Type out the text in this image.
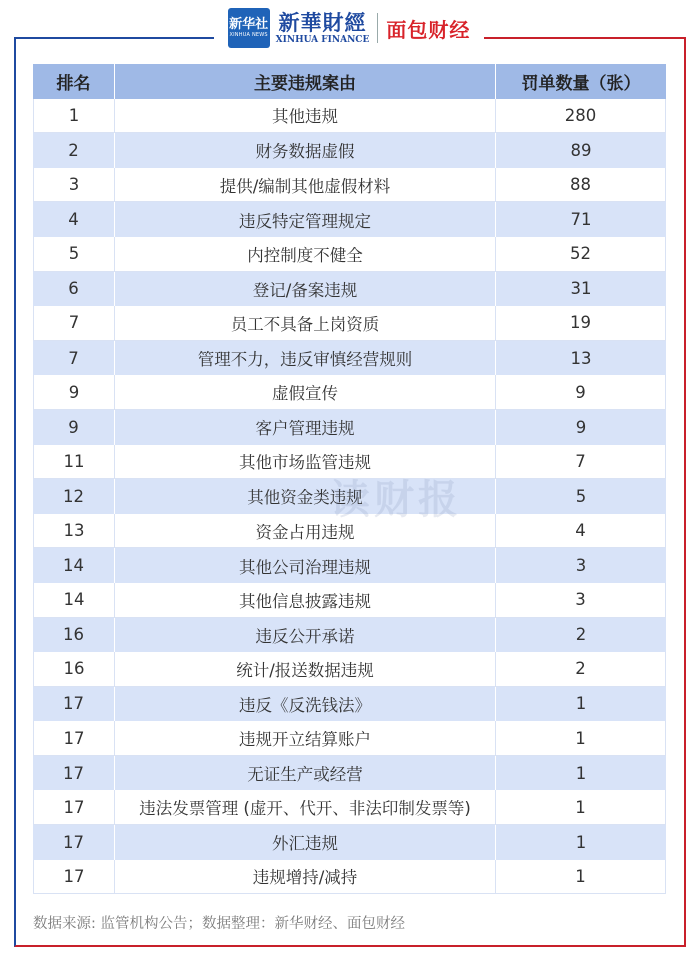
新华社
XINHUA NEWS
新華財經
XINHUA FINANCE 面包财经
排名	主要违规案由	罚单数量（张）
1	其他违规	280
2	财务数据虚假	89
3	提供/编制其他虚假材料	88
4	违反特定管理规定	71
5	内控制度不健全	52
6	登记/备案违规	31
7	员工不具备上岗资质	19
7	管理不力，违反审慎经营规则	13
9	虚假宣传	9
9	客户管理违规	9
11	其他市场监管违规	7
12	其他资金类违规	5
13	资金占用违规	4
14	其他公司治理违规	3
14	其他信息披露违规	3
16	违反公开承诺	2
16	统计/报送数据违规	2
17	违反《反洗钱法》	1
17	违规开立结算账户	1
17	无证生产或经营	1
17	违法发票管理 (虚开、代开、非法印制发票等)	1
17	外汇违规	1
17	违规增持/减持	1
数据来源: 监管机构公告；数据整理：新华财经、面包财经
